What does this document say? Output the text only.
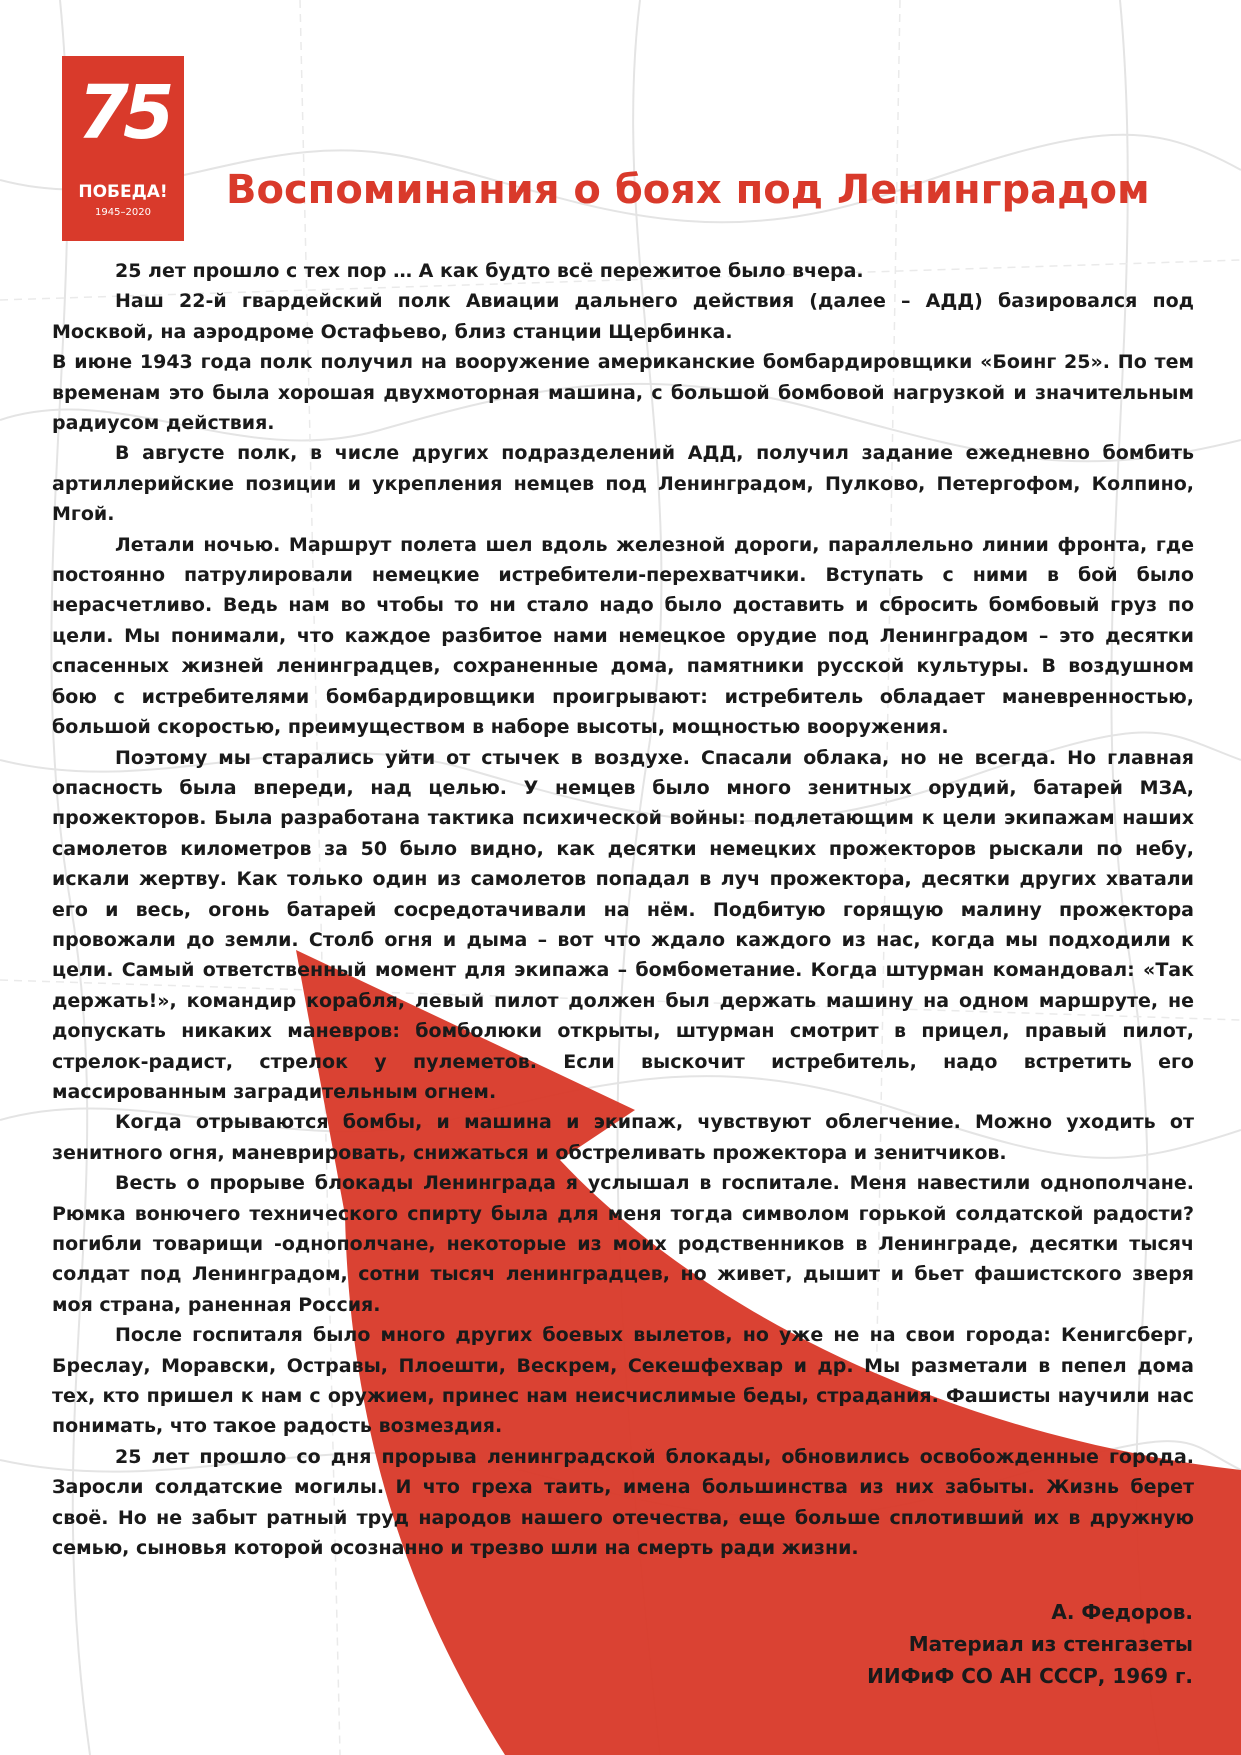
75
ПОБЕДА!
1945–2020	Воспоминания о боях под Ленинградом

25 лет прошло с тех пор … А как будто всё пережитое было вчера.

Наш 22-й гвардейский полк Авиации дальнего действия (далее – АДД) базировался под Москвой, на аэродроме Остафьево, близ станции Щербинка.

В июне 1943 года полк получил на вооружение американские бомбардировщики «Боинг 25». По тем временам это была хорошая двухмоторная машина, с большой бомбовой нагрузкой и значительным радиусом действия.

В августе полк, в числе других подразделений АДД, получил задание ежедневно бомбить артиллерийские позиции и укрепления немцев под Ленинградом, Пулково, Петергофом, Колпино, Мгой.

Летали ночью. Маршрут полета шел вдоль железной дороги, параллельно линии фронта, где постоянно патрулировали немецкие истребители-перехватчики. Вступать с ними в бой было нерасчетливо. Ведь нам во чтобы то ни стало надо было доставить и сбросить бомбовый груз по цели. Мы понимали, что каждое разбитое нами немецкое орудие под Ленинградом – это десятки спасенных жизней ленинградцев, сохраненные дома, памятники русской культуры. В воздушном бою с истребителями бомбардировщики проигрывают: истребитель обладает маневренностью, большой скоростью, преимуществом в наборе высоты, мощностью вооружения.

Поэтому мы старались уйти от стычек в воздухе. Спасали облака, но не всегда. Но главная опасность была впереди, над целью. У немцев было много зенитных орудий, батарей МЗА, прожекторов. Была разработана тактика психической войны: подлетающим к цели экипажам наших самолетов километров за 50 было видно, как десятки немецких прожекторов рыскали по небу, искали жертву. Как только один из самолетов попадал в луч прожектора, десятки других хватали его и весь, огонь батарей сосредотачивали на нём. Подбитую горящую малину прожектора провожали до земли. Столб огня и дыма – вот что ждало каждого из нас, когда мы подходили к цели. Самый ответственный момент для экипажа – бомбометание. Когда штурман командовал: «Так держать!», командир корабля, левый пилот должен был держать машину на одном маршруте, не допускать никаких маневров: бомболюки открыты, штурман смотрит в прицел, правый пилот, стрелок-радист, стрелок у пулеметов. Если выскочит истребитель, надо встретить его массированным заградительным огнем.

Когда отрываются бомбы, и машина и экипаж, чувствуют облегчение. Можно уходить от зенитного огня, маневрировать, снижаться и обстреливать прожектора и зенитчиков.

Весть о прорыве блокады Ленинграда я услышал в госпитале. Меня навестили однополчане. Рюмка вонючего технического спирту была для меня тогда символом горькой солдатской радости? погибли товарищи -однополчане, некоторые из моих родственников в Ленинграде, десятки тысяч солдат под Ленинградом, сотни тысяч ленинградцев, но живет, дышит и бьет фашистского зверя моя страна, раненная Россия.

После госпиталя было много других боевых вылетов, но уже не на свои города: Кенигсберг, Бреслау, Моравски, Остравы, Плоешти, Вескрем, Секешфехвар и др. Мы разметали в пепел дома тех, кто пришел к нам с оружием, принес нам неисчислимые беды, страдания. Фашисты научили нас понимать, что такое радость возмездия.

25 лет прошло со дня прорыва ленинградской блокады, обновились освобожденные города. Заросли солдатские могилы. И что греха таить, имена большинства из них забыты. Жизнь берет своё. Но не забыт ратный труд народов нашего отечества, еще больше сплотивший их в дружную семью, сыновья которой осознанно и трезво шли на смерть ради жизни.

А. Федоров.
Материал из стенгазеты
ИИФиФ СО АН СССР, 1969 г.
